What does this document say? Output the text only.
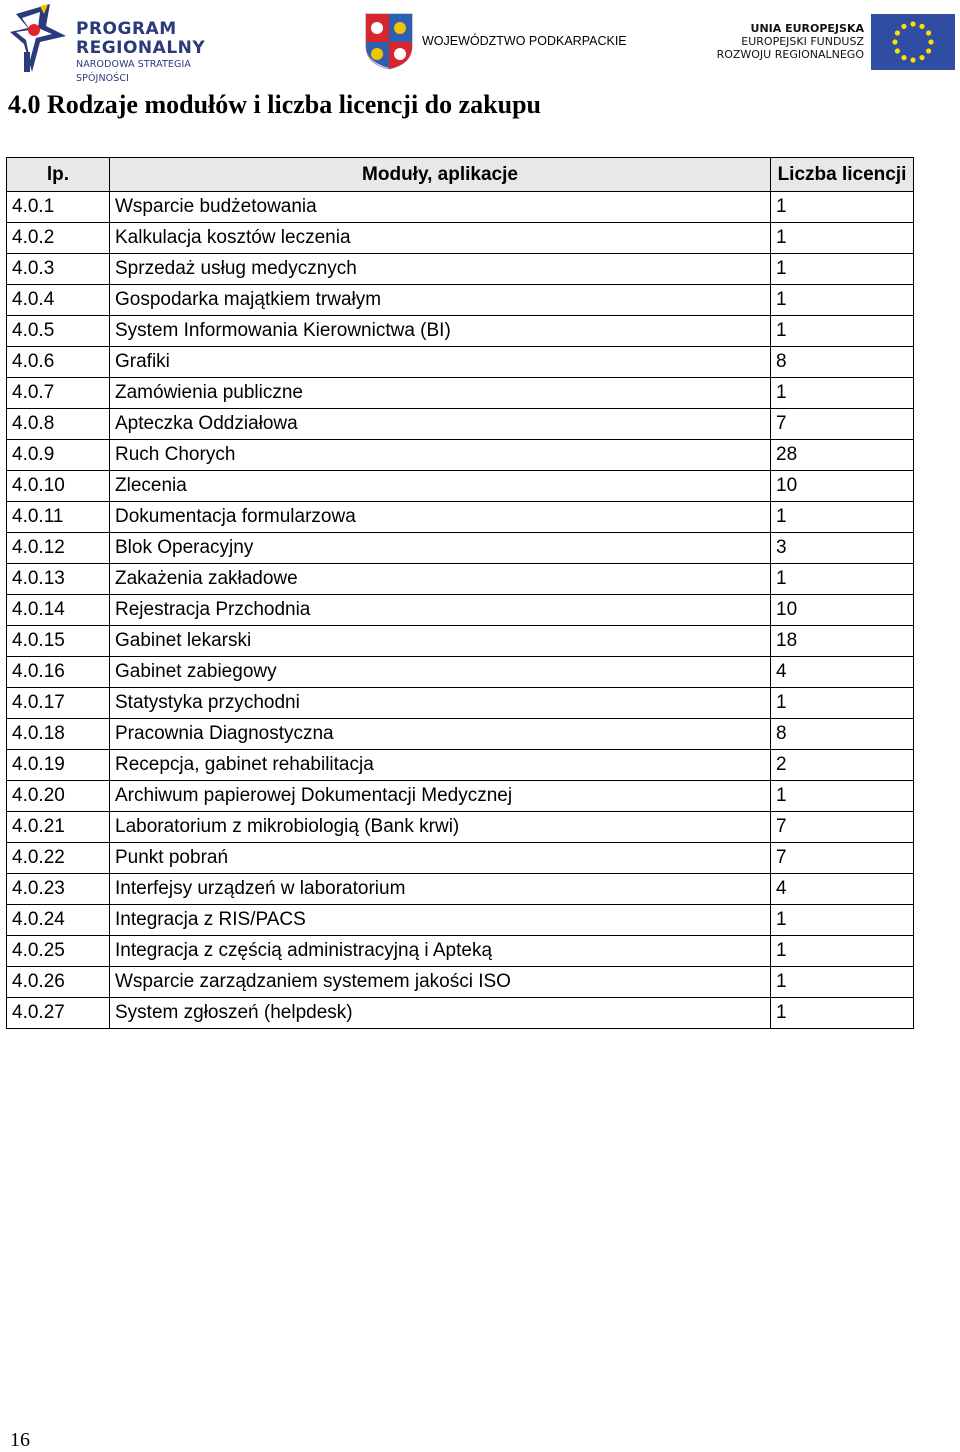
PROGRAM
REGIONALNY
NARODOWA STRATEGIA SPÓJNOŚCI
WOJEWÓDZTWO PODKARPACKIE
UNIA EUROPEJSKA
EUROPEJSKI FUNDUSZ
ROZWOJU REGIONALNEGO
4.0 Rodzaje modułów i liczba licencji do zakupu
lp.	Moduły, aplikacje	Liczba licencji
4.0.1	Wsparcie budżetowania	1
4.0.2	Kalkulacja kosztów leczenia	1
4.0.3	Sprzedaż usług medycznych	1
4.0.4	Gospodarka majątkiem trwałym	1
4.0.5	System Informowania Kierownictwa (BI)	1
4.0.6	Grafiki	8
4.0.7	Zamówienia publiczne	1
4.0.8	Apteczka Oddziałowa	7
4.0.9	Ruch Chorych	28
4.0.10	Zlecenia	10
4.0.11	Dokumentacja formularzowa	1
4.0.12	Blok Operacyjny	3
4.0.13	Zakażenia zakładowe	1
4.0.14	Rejestracja Przchodnia	10
4.0.15	Gabinet lekarski	18
4.0.16	Gabinet zabiegowy	4
4.0.17	Statystyka przychodni	1
4.0.18	Pracownia Diagnostyczna	8
4.0.19	Recepcja, gabinet rehabilitacja	2
4.0.20	Archiwum papierowej Dokumentacji Medycznej	1
4.0.21	Laboratorium z mikrobiologią (Bank krwi)	7
4.0.22	Punkt pobrań	7
4.0.23	Interfejsy urządzeń w laboratorium	4
4.0.24	Integracja z RIS/PACS	1
4.0.25	Integracja z częścią administracyjną i Apteką	1
4.0.26	Wsparcie zarządzaniem systemem jakości ISO	1
4.0.27	System zgłoszeń (helpdesk)	1
16
